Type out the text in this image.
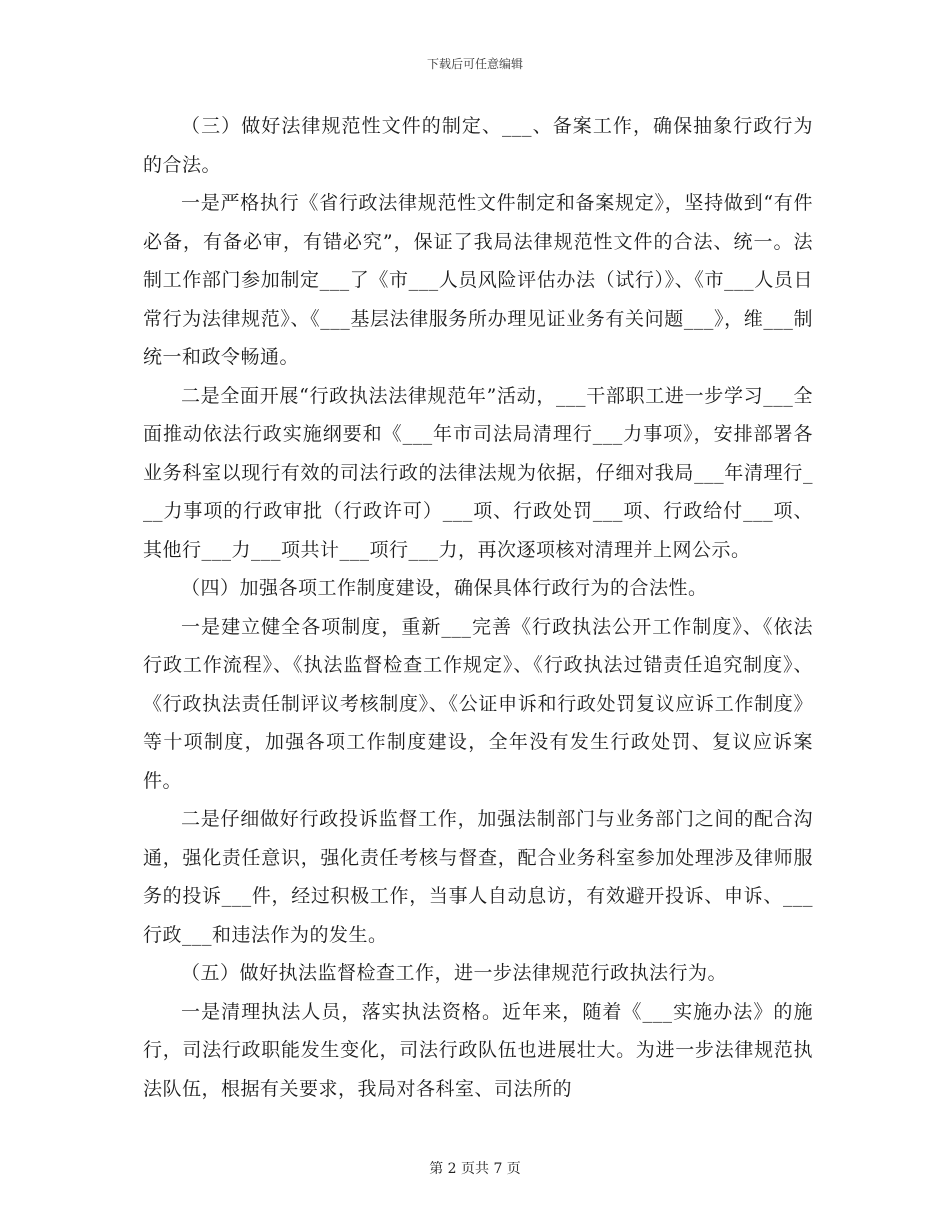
下载后可任意编辑

（三）做好法律规范性文件的制定、___、备案工作，确保抽象行政行为的合法。

一是严格执行《省行政法律规范性文件制定和备案规定》，坚持做到“有件必备，有备必审，有错必究”，保证了我局法律规范性文件的合法、统一。法制工作部门参加制定___了《市___人员风险评估办法（试行）》、《市___人员日常行为法律规范》、《___基层法律服务所办理见证业务有关问题___》，维___制统一和政令畅通。

二是全面开展“行政执法法律规范年”活动，___干部职工进一步学习___全面推动依法行政实施纲要和《___年市司法局清理行___力事项》，安排部署各业务科室以现行有效的司法行政的法律法规为依据，仔细对我局___年清理行___力事项的行政审批（行政许可）___项、行政处罚___项、行政给付___项、其他行___力___项共计___项行___力，再次逐项核对清理并上网公示。

（四）加强各项工作制度建设，确保具体行政行为的合法性。

一是建立健全各项制度，重新___完善《行政执法公开工作制度》、《依法行政工作流程》、《执法监督检查工作规定》、《行政执法过错责任追究制度》、《行政执法责任制评议考核制度》、《公证申诉和行政处罚复议应诉工作制度》等十项制度，加强各项工作制度建设，全年没有发生行政处罚、复议应诉案件。

二是仔细做好行政投诉监督工作，加强法制部门与业务部门之间的配合沟通，强化责任意识，强化责任考核与督查，配合业务科室参加处理涉及律师服务的投诉___件，经过积极工作，当事人自动息访，有效避开投诉、申诉、___行政___和违法作为的发生。

（五）做好执法监督检查工作，进一步法律规范行政执法行为。

一是清理执法人员，落实执法资格。近年来，随着《___实施办法》的施行，司法行政职能发生变化，司法行政队伍也进展壮大。为进一步法律规范执法队伍，根据有关要求，我局对各科室、司法所的

第 2 页共 7 页
